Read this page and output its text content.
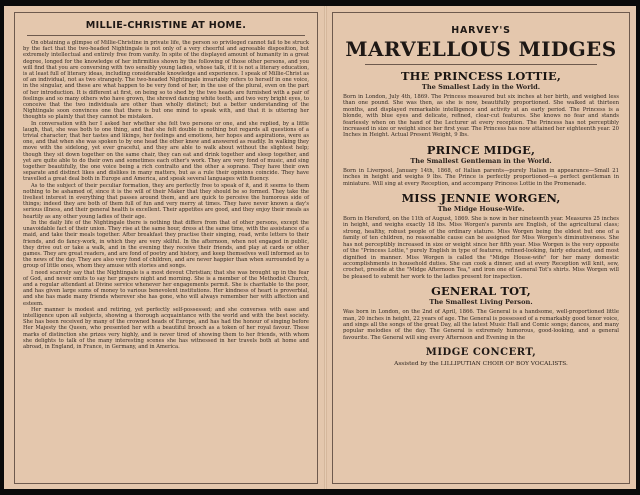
MILLIE-CHRISTINE AT HOME.

On obtaining a glimpse of Millie-Christine in private life, the person so privileged cannot fail to be struck by the fact that the two-headed Nightingale is not only of a very cheerful and agreeable disposition, but extremely intellectual and entirely free from vanity. In spite of the displayed amount of humanity in a great degree, longed for the knowledge of her infirmities shown by the following of those other persons, and you will find that you are conversing with two sensibly young ladies, whose talk, if it is not a literary education, is at least full of literary ideas, including considerable knowledge and experience. I speak of Millie-Christ as of an individual, not as two strangely. The two-headed Nightingale invariably refers to herself in one voice, in the singular, and these are what happen to be very fond of her, in the use of the plural, even on the part of her introduction. It is different at first, on being so to shed by the two heads are furnished with a pair of feelings and so many others who have grown, the shrewd dancing white teeth, and two very bright eyes, to conceive that the two individuals are other than wholly distinct; but a better understanding of the Nightingale soon convinces one that there is but one mind to speak with, and that it is uttering her thoughts so plainly that they cannot be mistaken.

In conversation with her I asked her whether she felt two persons or one, and she replied, by a little laugh, that, she was both to one thing, and that she felt double in nothing but regards all questions of a trivial character; that her tastes and likings, her feelings and emotions, her hopes and aspirations, were as one, and that when she was spoken to by one head the other knew and answered as readily. In walking they move with the sidelong, yet ever graceful, and they are able to walk about without the slightest help; though they sit down together on the same chair, they can eat and drink together and sleep together, and yet are quite able to do their own and sometimes each other's work. They are very fond of music, and sing together beautifully, the one voice being a rich contralto and the other a soprano. They have their own separate and distinct likes and dislikes in many matters, but as a rule their opinions coincide. They have travelled a great deal both in Europe and America, and speak several languages with fluency.

As to the subject of their peculiar formation, they are perfectly free to speak of it, and it seems to them nothing to be ashamed of, since it is the will of their Maker that they should be so formed. They take the liveliest interest in everything that passes around them, and are quick to perceive the humorous side of things; indeed they are both of them full of fun and very merry at times. They have never known a day's serious illness, and their general health is excellent. Their appetites are good, and they enjoy their meals as heartily as any other young ladies of their age.

In the daily life of the Nightingale there is nothing that differs from that of other persons, except the unavoidable fact of their union. They rise at the same hour, dress at the same time, with the assistance of a maid, and take their meals together. After breakfast they practise their singing, read, write letters to their friends, and do fancy-work, in which they are very skilful. In the afternoon, when not engaged in public, they drive out or take a walk, and in the evening they receive their friends, and play at cards or other games. They are great readers, and are fond of poetry and history, and keep themselves well informed as to the news of the day. They are also very fond of children, and are never happier than when surrounded by a group of little ones, whom they amuse with stories and songs.

I need scarcely say that the Nightingale is a most devout Christian; that she was brought up in the fear of God, and never omits to say her prayers night and morning. She is a member of the Methodist Church, and a regular attendant at Divine service whenever her engagements permit. She is charitable to the poor, and has given large sums of money to various benevolent institutions. Her kindness of heart is proverbial, and she has made many friends wherever she has gone, who will always remember her with affection and esteem.

Her manner is modest and retiring, yet perfectly self-possessed; and she converses with ease and intelligence upon all subjects, showing a thorough acquaintance with the world and with the best society. She has been received by many of the crowned heads of Europe, and has had the honour of singing before Her Majesty the Queen, who presented her with a beautiful brooch as a token of her royal favour. These marks of distinction she prizes very highly, and is never tired of showing them to her friends, with whom she delights to talk of the many interesting scenes she has witnessed in her travels both at home and abroad, in England, in France, in Germany, and in America.

HARVEY'S
MARVELLOUS MIDGES
THE PRINCESS LOTTIE,
The Smallest Lady in the World.
Born in London, July 4th, 1869. The Princess measured but six inches at her birth, and weighed less than one pound. She was then, as she is now, beautifully proportioned. She walked at thirteen months, and displayed remarkable intelligence and activity at an early period. The Princess is a blonde, with blue eyes and delicate, refined, clear-cut features. She knows no fear and stands fearlessly when on the hand of the Lecturer at every reception. The Princess has not perceptibly increased in size or weight since her first year. The Princess has now attained her eighteenth year. 20 Inches in Height. Actual Present Weight, 9 lbs.
PRINCE MIDGE,
The Smallest Gentleman in the World.
Born in Liverpool, January 14th, 1868, of Italian parents—purely Italian in appearance—Small 21 inches in height and weighs 9 lbs. The Prince is perfectly proportioned—a perfect gentleman in miniature. Will sing at every Reception, and accompany Princess Lottie in the Promenade.
MISS JENNIE WORGEN,
The Midge House-Wife.
Born in Hereford, on the 11th of August, 1869. She is now in her nineteenth year. Measures 25 inches in height, and weighs exactly 18 lbs. Miss Worgen's parents are English, of the agricultural class; strong, healthy, robust people of the ordinary stature. Miss Worgen being the eldest but one of a family of ten children, no reasonable cause can be assigned for Miss Worgen's diminutiveness. She has not perceptibly increased in size or weight since her fifth year. Miss Worgen is the very opposite of the "Princess Lottie," purely English in type of features, refined-looking, fairly educated, and most dignified in manner. Miss Worgen is called the "Midge House-wife" for her many domestic accomplishments in household duties. She can cook a dinner, and at every Reception will knit, sew, crochet, preside at the "Midge Afternoon Tea," and iron one of General Tot's shirts. Miss Worgen will be pleased to submit her work to the ladies present for inspection.
GENERAL TOT,
The Smallest Living Person.
Was born in London, on the 2nd of April, 1866. The General is a handsome, well-proportioned little man, 20 inches in height, 22 years of age. The General is possessed of a remarkably good tenor voice, and sings all the songs of the great Day, all the latest Music Hall and Comic songs; dances, and many popular melodies of the day. The General is extremely humorous, good-looking, and a general favourite. The General will sing every Afternoon and Evening in the
MIDGE CONCERT,
Assisted by the LILLIPUTIAN CHOIR OF BOY VOCALISTS.
